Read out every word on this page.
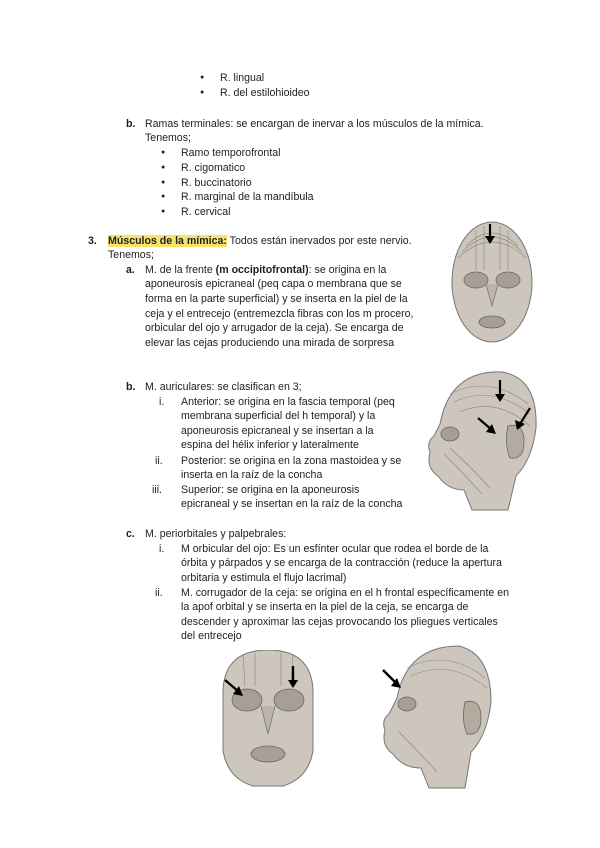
● R. lingual
● R. del estilohioideo
b. Ramas terminales: se encargan de inervar a los músculos de la mímica.
Tenemos;
● Ramo temporofrontal
● R. cigomatico
● R. buccinatorio
● R. marginal de la mandíbula
● R. cervical
3. Músculos de la mímica: Todos están inervados por este nervio.
Tenemos;
a. M. de la frente (m occipitofrontal): se origina en la
aponeurosis epicraneal (peq capa o membrana que se
forma en la parte superficial) y se inserta en la piel de la
ceja y el entrecejo (entremezcla fibras con los m procero,
orbicular del ojo y arrugador de la ceja). Se encarga de
elevar las cejas produciendo una mirada de sorpresa
b. M. auriculares: se clasifican en 3;
i. Anterior: se origina en la fascia temporal (peq
membrana superficial del h temporal) y la
aponeurosis epicraneal y se insertan a la
espina del hélix inferior y lateralmente
ii. Posterior: se origina en la zona mastoidea y se
inserta en la raíz de la concha
iii. Superior: se origina en la aponeurosis
epicraneal y se insertan en la raíz de la concha
c. M. periorbitales y palpebrales:
i. M orbicular del ojo: Es un esfínter ocular que rodea el borde de la
órbita y párpados y se encarga de la contracción (reduce la apertura
orbitaria y estimula el flujo lacrimal)
ii. M. corrugador de la ceja: se origina en el h frontal específicamente en
la apof orbital y se inserta en la piel de la ceja, se encarga de
descender y aproximar las cejas provocando los pliegues verticales
del entrecejo
